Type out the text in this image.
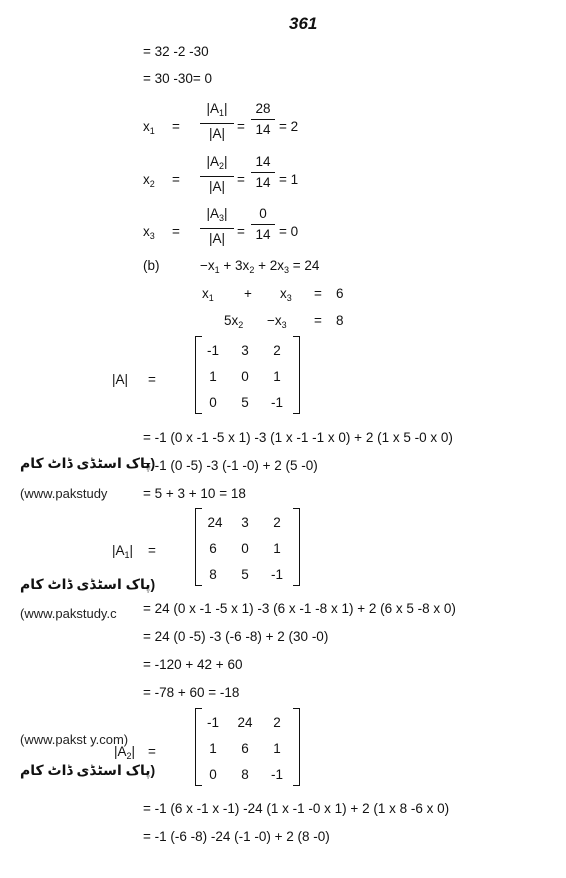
361
= 32 -2 -30
= 30 -30= 0
$x_1$ =
$|A_1|$
|A| =
28
14 = 2
$x_2$ =
$|A_2|$
|A| =
14
14 = 1
$x_3$ =
$|A_3|$
|A| =
0
14 = 0
(b)	$-x_1 + 3x_2 + 2x_3 = 24$
$x_1 + x_3 = 6$
$5x_2 -x_3 = 8$
|A| =
-1	3	2
1	0	1
0	5	-1
= -1 (0 x -1 -5 x 1) -3 (1 x -1 -1 x 0) + 2 (1 x 5 -0 x 0)
= -1 (0 -5) -3 (-1 -0) + 2 (5 -0)
= 5 + 3 + 10 = 18
(پاک اسٹڈی ڈاٹ کام
(www.pakstudy
$|A_1|$ =
24	3	2
6	0	1
8	5	-1
(پاک اسٹڈی ڈاٹ کام
(www.pakstudy.c = 24 (0 x -1 -5 x 1) -3 (6 x -1 -8 x 1) + 2 (6 x 5 -8 x 0)
= 24 (0 -5) -3 (-6 -8) + 2 (30 -0)
= -120 + 42 + 60
= -78 + 60 = -18
(www.pakst y.com)
$|A_2|$ =
(پاک اسٹڈی ڈاٹ کام
-1	24	2
1	6	1
0	8	-1
= -1 (6 x -1 x -1) -24 (1 x -1 -0 x 1) + 2 (1 x 8 -6 x 0)
= -1 (-6 -8) -24 (-1 -0) + 2 (8 -0)
